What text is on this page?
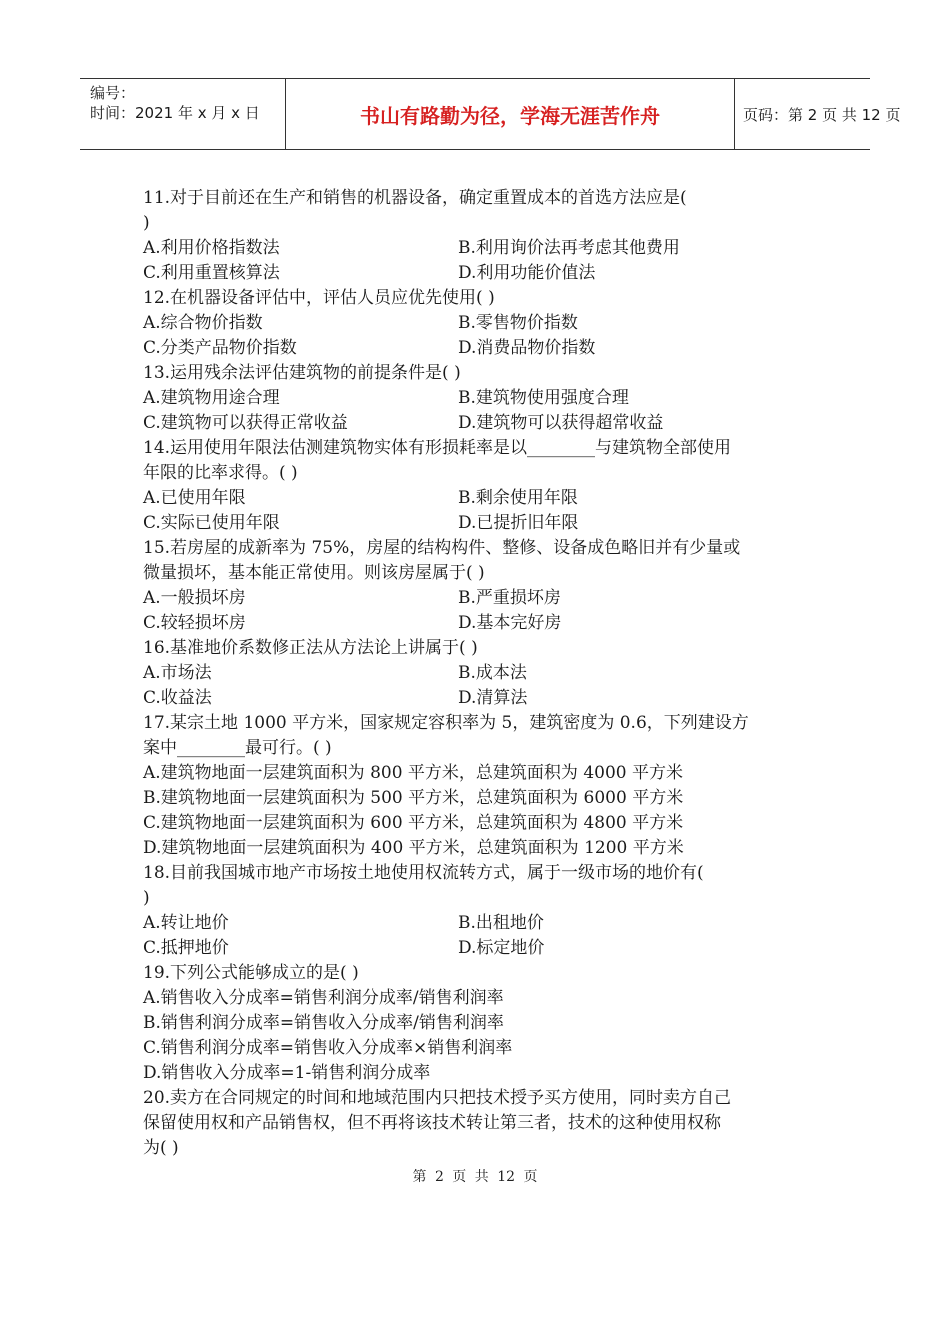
编号：
时间：2021 年 x 月 x 日	书山有路勤为径，学海无涯苦作舟	页码：第 2 页 共 12 页

11.对于目前还在生产和销售的机器设备，确定重置成本的首选方法应是(

)

A.利用价格指数法	B.利用询价法再考虑其他费用
C.利用重置核算法	D.利用功能价值法

12.在机器设备评估中，评估人员应优先使用( )

A.综合物价指数	B.零售物价指数
C.分类产品物价指数	D.消费品物价指数

13.运用残余法评估建筑物的前提条件是( )

A.建筑物用途合理	B.建筑物使用强度合理
C.建筑物可以获得正常收益	D.建筑物可以获得超常收益

14.运用使用年限法估测建筑物实体有形损耗率是以________与建筑物全部使用

年限的比率求得。( )

A.已使用年限	B.剩余使用年限
C.实际已使用年限	D.已提折旧年限

15.若房屋的成新率为 75%，房屋的结构构件、整修、设备成色略旧并有少量或

微量损坏，基本能正常使用。则该房屋属于( )

A.一般损坏房	B.严重损坏房
C.较轻损坏房	D.基本完好房

16.基准地价系数修正法从方法论上讲属于( )

A.市场法	B.成本法
C.收益法	D.清算法

17.某宗土地 1000 平方米，国家规定容积率为 5，建筑密度为 0.6，下列建设方

案中________最可行。( )

A.建筑物地面一层建筑面积为 800 平方米，总建筑面积为 4000 平方米

B.建筑物地面一层建筑面积为 500 平方米，总建筑面积为 6000 平方米

C.建筑物地面一层建筑面积为 600 平方米，总建筑面积为 4800 平方米

D.建筑物地面一层建筑面积为 400 平方米，总建筑面积为 1200 平方米

18.目前我国城市地产市场按土地使用权流转方式，属于一级市场的地价有(

)

A.转让地价	B.出租地价
C.抵押地价	D.标定地价

19.下列公式能够成立的是( )

A.销售收入分成率=销售利润分成率/销售利润率

B.销售利润分成率=销售收入分成率/销售利润率

C.销售利润分成率=销售收入分成率×销售利润率

D.销售收入分成率=1-销售利润分成率

20.卖方在合同规定的时间和地域范围内只把技术授予买方使用，同时卖方自己

保留使用权和产品销售权，但不再将该技术转让第三者，技术的这种使用权称

为( )

第 2 页 共 12 页
